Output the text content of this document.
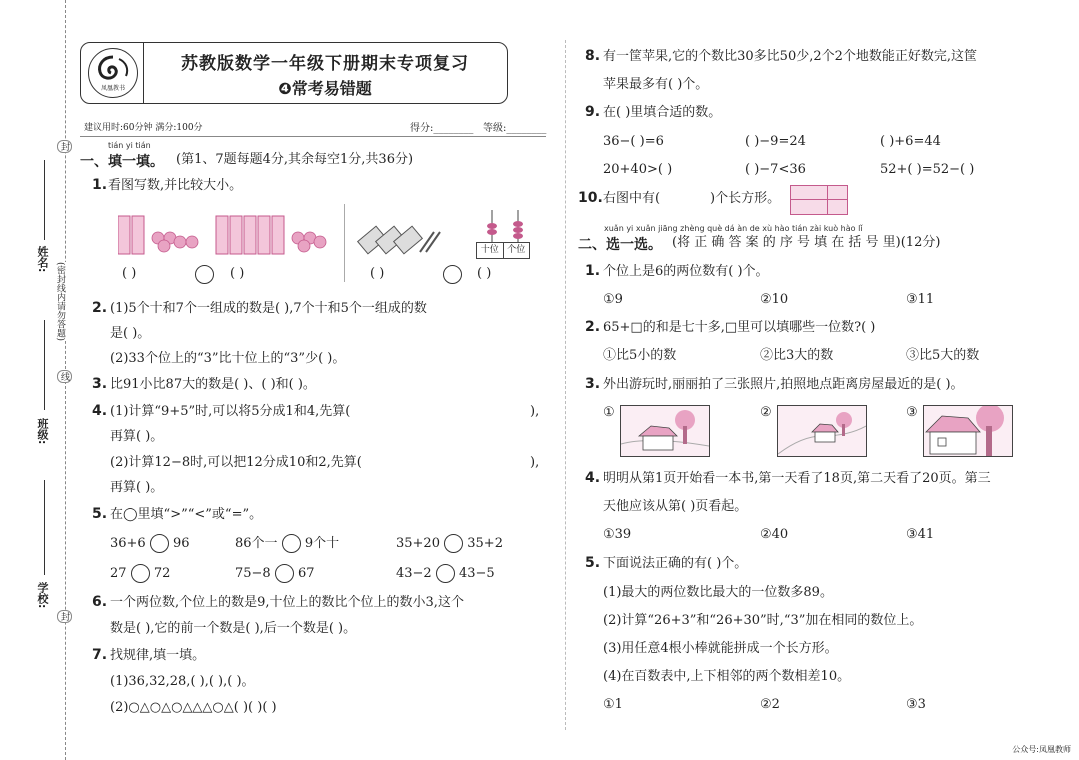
封
(密封线内请勿答题)
线
封
姓名:
班级:
学校:
凤凰教书
苏教版数学一年级下册期末专项复习
❹常考易错题
建议用时:60分钟 满分:100分	得分:________ 等级:________
tián yi tián
一、填一填。 (第1、7题每题4分,其余每空1分,共36分)
1. 看图写数,并比较大小。
十位 个位
( )	( )	( )	( )
2. (1)5个十和7个一组成的数是( ),7个十和5个一组成的数
是( )。
(2)33个位上的“3”比十位上的“3”少( )。
3. 比91小比87大的数是( )、( )和( )。
4. (1)计算“9+5”时,可以将5分成1和4,先算(	),
再算( )。
(2)计算12−8时,可以把12分成10和2,先算(	),
再算( )。
5. 在◯里填“>”“<”或“=”。
36+6 96	86个一 9个十	35+20 35+2
27 72	75−8 67	43−2 43−5
6. 一个两位数,个位上的数是9,十位上的数比个位上的数小3,这个
数是( ),它的前一个数是( ),后一个数是( )。
7. 找规律,填一填。
(1)36,32,28,( ),( ),( )。
(2)○△○△○△△△○△( )( )( )
8. 有一筐苹果,它的个数比30多比50少,2个2个地数能正好数完,这筐
苹果最多有( )个。
9. 在( )里填合适的数。
36−( )=6	( )−9=24	( )+6=44
20+40>( )	( )−7<36	52+( )=52−( )
10. 右图中有(	)个长方形。
xuǎn yi xuǎn jiāng zhèng què dá àn de xù hào tián zài kuò hào lǐ
二、选一选。 (将 正 确 答 案 的 序 号 填 在 括 号 里)(12分)
1. 个位上是6的两位数有( )个。
①9	②10	③11
2. 65+□的和是七十多,□里可以填哪些一位数?( )
①比5小的数	②比3大的数	③比5大的数
3. 外出游玩时,丽丽拍了三张照片,拍照地点距离房屋最近的是( )。
①	②	③
4. 明明从第1页开始看一本书,第一天看了18页,第二天看了20页。第三
天他应该从第( )页看起。
①39	②40	③41
5. 下面说法正确的有( )个。
(1)最大的两位数比最大的一位数多89。
(2)计算“26+3”和“26+30”时,“3”加在相同的数位上。
(3)用任意4根小棒就能拼成一个长方形。
(4)在百数表中,上下相邻的两个数相差10。
①1	②2	③3
公众号:凤凰教师
